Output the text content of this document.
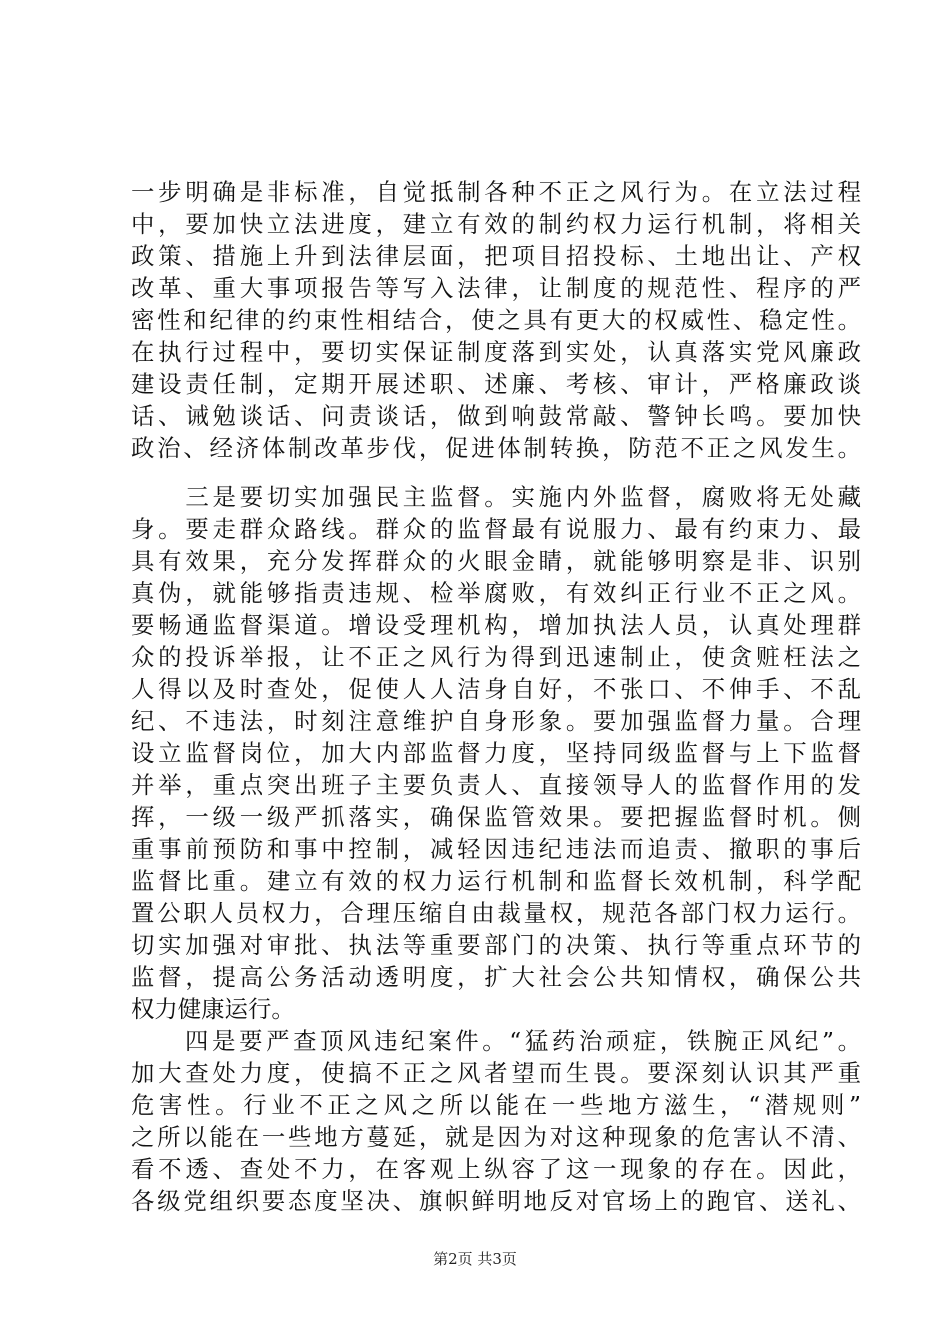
一步明确是非标准，自觉抵制各种不正之风行为。在立法过程
中，要加快立法进度，建立有效的制约权力运行机制，将相关
政策、措施上升到法律层面，把项目招投标、土地出让、产权
改革、重大事项报告等写入法律，让制度的规范性、程序的严
密性和纪律的约束性相结合，使之具有更大的权威性、稳定性。
在执行过程中，要切实保证制度落到实处，认真落实党风廉政
建设责任制，定期开展述职、述廉、考核、审计，严格廉政谈
话、诫勉谈话、问责谈话，做到响鼓常敲、警钟长鸣。要加快
政治、经济体制改革步伐，促进体制转换，防范不正之风发生。
　　三是要切实加强民主监督。实施内外监督，腐败将无处藏
身。要走群众路线。群众的监督最有说服力、最有约束力、最
具有效果，充分发挥群众的火眼金睛，就能够明察是非、识别
真伪，就能够指责违规、检举腐败，有效纠正行业不正之风。
要畅通监督渠道。增设受理机构，增加执法人员，认真处理群
众的投诉举报，让不正之风行为得到迅速制止，使贪赃枉法之
人得以及时查处，促使人人洁身自好，不张口、不伸手、不乱
纪、不违法，时刻注意维护自身形象。要加强监督力量。合理
设立监督岗位，加大内部监督力度，坚持同级监督与上下监督
并举，重点突出班子主要负责人、直接领导人的监督作用的发
挥，一级一级严抓落实，确保监管效果。要把握监督时机。侧
重事前预防和事中控制，减轻因违纪违法而追责、撤职的事后
监督比重。建立有效的权力运行机制和监督长效机制，科学配
置公职人员权力，合理压缩自由裁量权，规范各部门权力运行。
切实加强对审批、执法等重要部门的决策、执行等重点环节的
监督，提高公务活动透明度，扩大社会公共知情权，确保公共
权力健康运行。
　　四是要严查顶风违纪案件。“猛药治顽症，铁腕正风纪”。
加大查处力度，使搞不正之风者望而生畏。要深刻认识其严重
危害性。行业不正之风之所以能在一些地方滋生，“潜规则”
之所以能在一些地方蔓延，就是因为对这种现象的危害认不清、
看不透、查处不力，在客观上纵容了这一现象的存在。因此，
各级党组织要态度坚决、旗帜鲜明地反对官场上的跑官、送礼、
第2页 共3页
